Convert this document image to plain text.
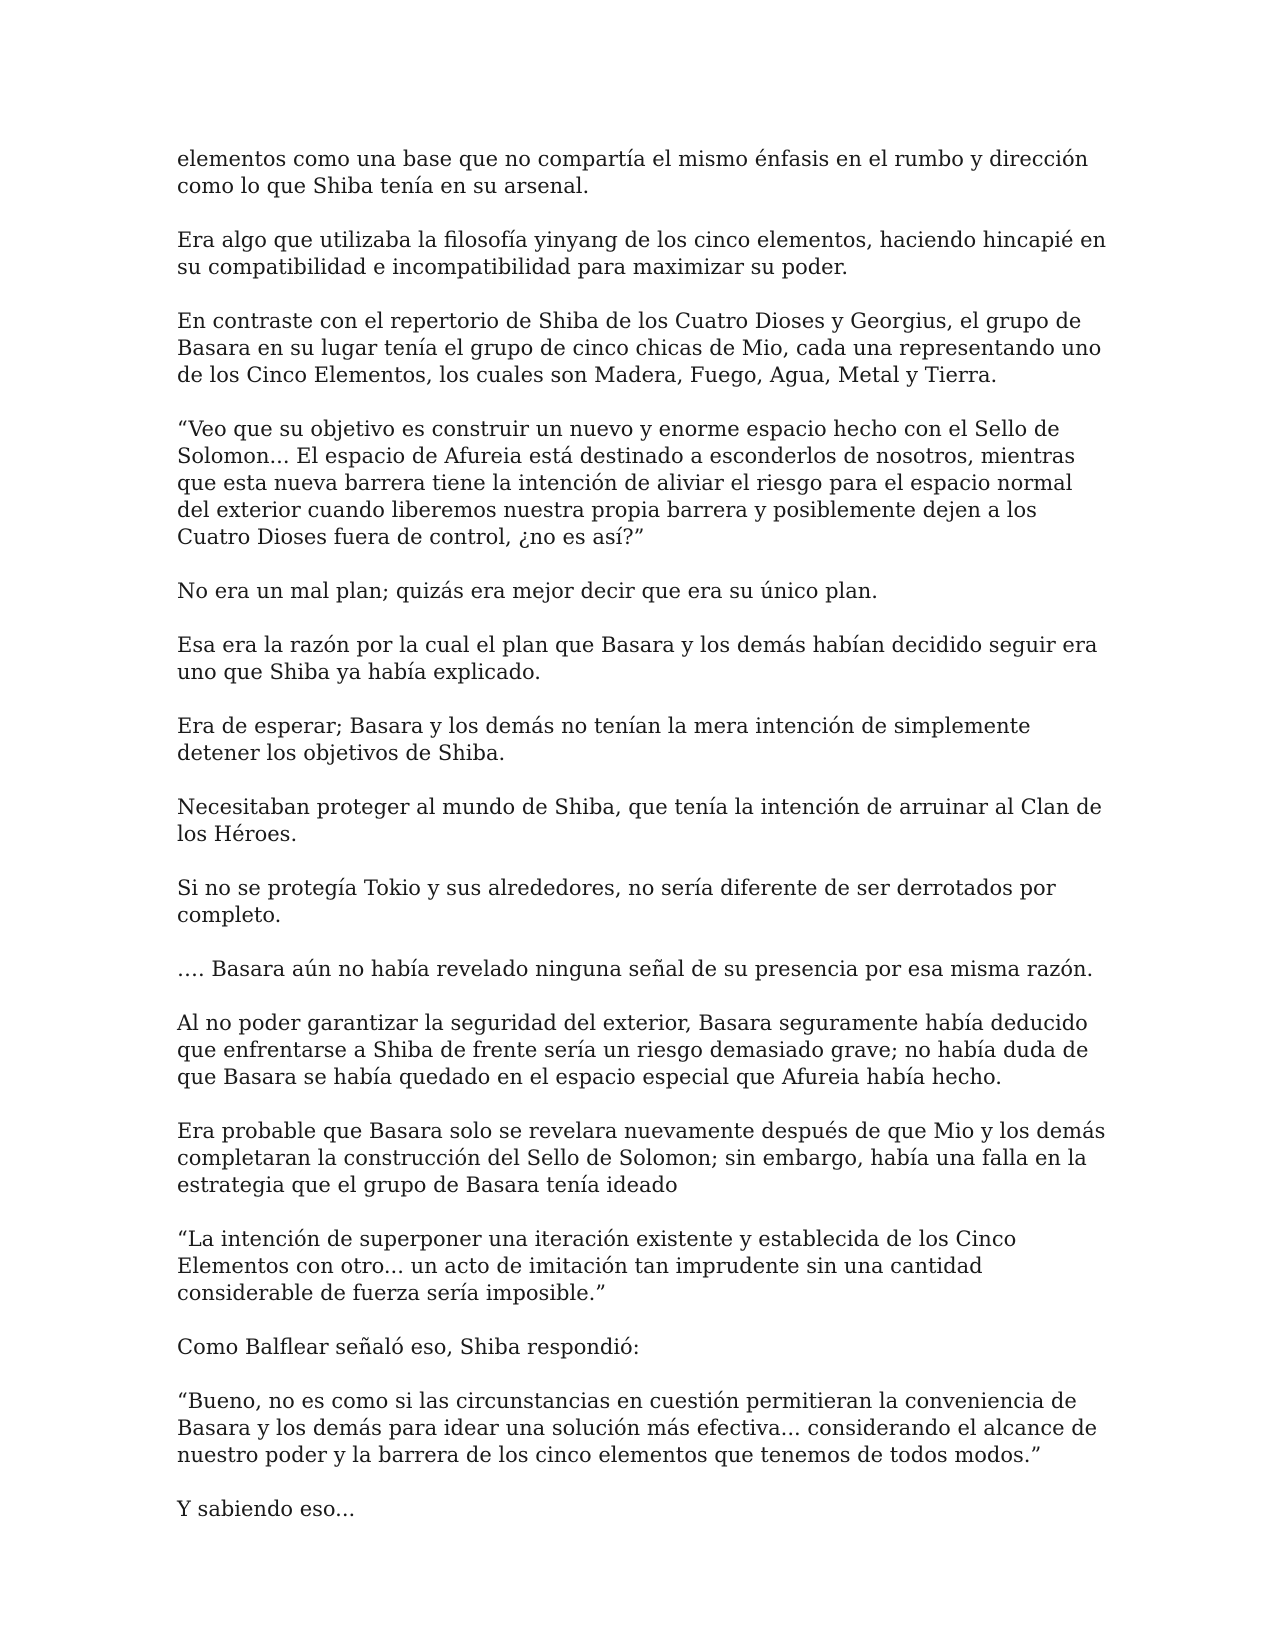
elementos como una base que no compartía el mismo énfasis en el rumbo y dirección como lo que Shiba tenía en su arsenal.

Era algo que utilizaba la filosofía yinyang de los cinco elementos, haciendo hincapié en su compatibilidad e incompatibilidad para maximizar su poder.

En contraste con el repertorio de Shiba de los Cuatro Dioses y Georgius, el grupo de Basara en su lugar tenía el grupo de cinco chicas de Mio, cada una representando uno de los Cinco Elementos, los cuales son Madera, Fuego, Agua, Metal y Tierra.

“Veo que su objetivo es construir un nuevo y enorme espacio hecho con el Sello de Solomon... El espacio de Afureia está destinado a esconderlos de nosotros, mientras que esta nueva barrera tiene la intención de aliviar el riesgo para el espacio normal del exterior cuando liberemos nuestra propia barrera y posiblemente dejen a los Cuatro Dioses fuera de control, ¿no es así?”

No era un mal plan; quizás era mejor decir que era su único plan.

Esa era la razón por la cual el plan que Basara y los demás habían decidido seguir era uno que Shiba ya había explicado.

Era de esperar; Basara y los demás no tenían la mera intención de simplemente detener los objetivos de Shiba.

Necesitaban proteger al mundo de Shiba, que tenía la intención de arruinar al Clan de los Héroes.

Si no se protegía Tokio y sus alrededores, no sería diferente de ser derrotados por completo.

…. Basara aún no había revelado ninguna señal de su presencia por esa misma razón.

Al no poder garantizar la seguridad del exterior, Basara seguramente había deducido que enfrentarse a Shiba de frente sería un riesgo demasiado grave; no había duda de que Basara se había quedado en el espacio especial que Afureia había hecho.

Era probable que Basara solo se revelara nuevamente después de que Mio y los demás completaran la construcción del Sello de Solomon; sin embargo, había una falla en la estrategia que el grupo de Basara tenía ideado

“La intención de superponer una iteración existente y establecida de los Cinco Elementos con otro... un acto de imitación tan imprudente sin una cantidad considerable de fuerza sería imposible.”

Como Balflear señaló eso, Shiba respondió:

“Bueno, no es como si las circunstancias en cuestión permitieran la conveniencia de Basara y los demás para idear una solución más efectiva... considerando el alcance de nuestro poder y la barrera de los cinco elementos que tenemos de todos modos.”

Y sabiendo eso...
